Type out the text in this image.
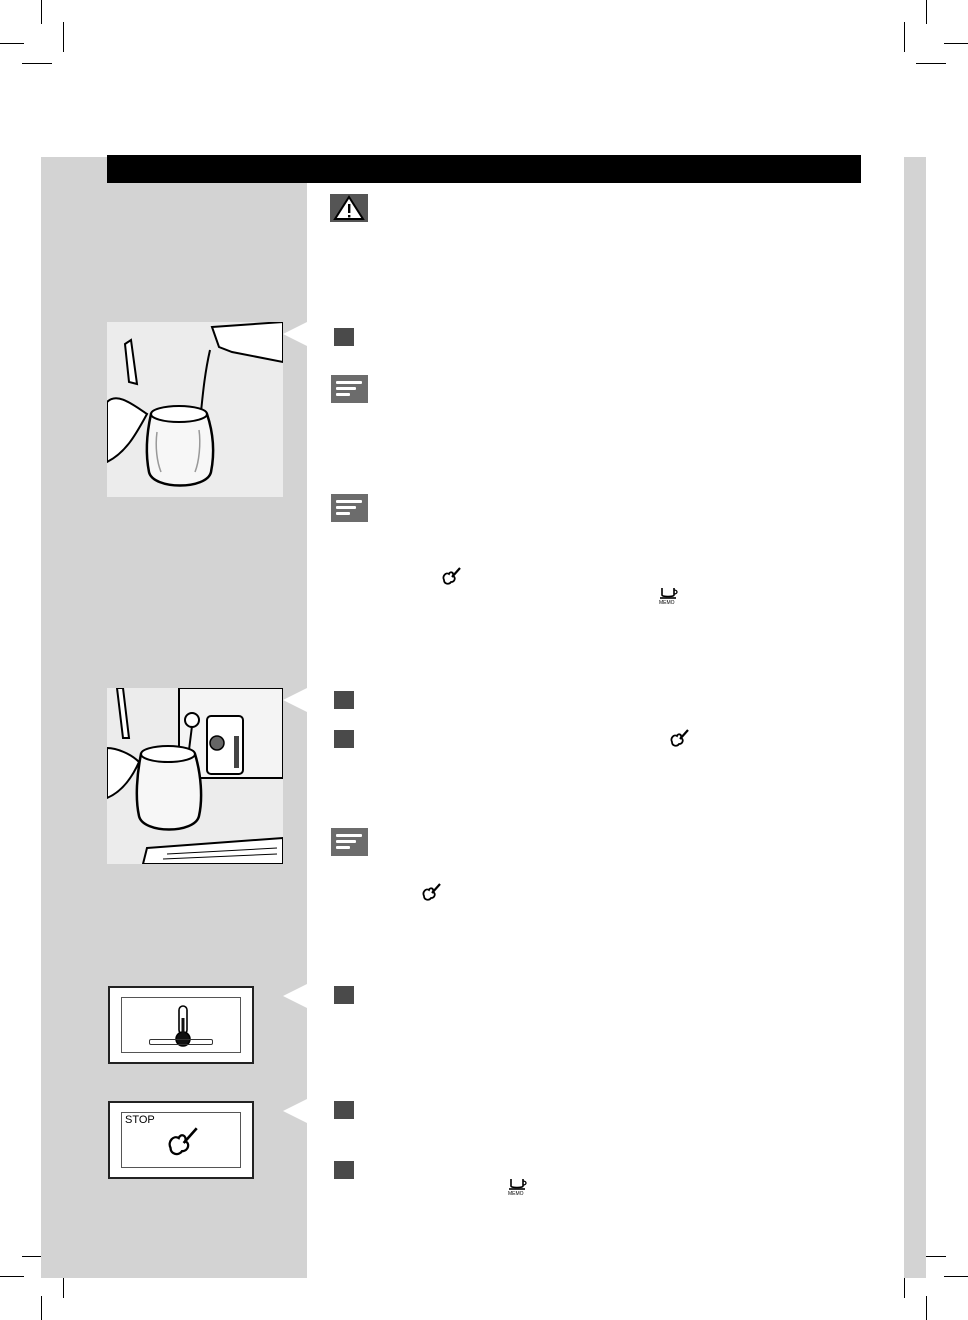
MEMO
STOP
MEMO
